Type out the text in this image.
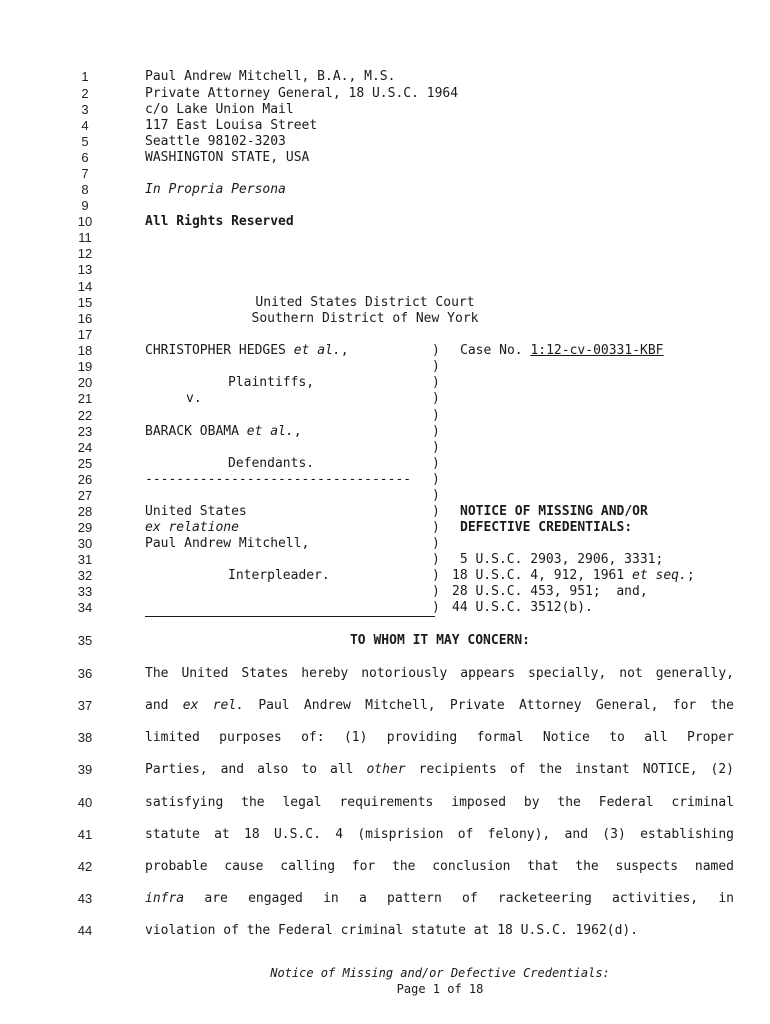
1
2
3
4
5
6
7
8
9
10
11
12
13
14
15
16
17
18
19
20
21
22
23
24
25
26
27
28
29
30
31
32
33
34
35
36
37
38
39
40
41
42
43
44
Paul Andrew Mitchell, B.A., M.S.
Private Attorney General, 18 U.S.C. 1964
c/o Lake Union Mail
117 East Louisa Street
Seattle 98102-3203
WASHINGTON STATE, USA
In Propria Persona
All Rights Reserved
United States District Court
Southern District of New York
CHRISTOPHER HEDGES et al.,
Plaintiffs,
v.
BARACK OBAMA et al.,
Defendants.
----------------------------------
United States
ex relatione
Paul Andrew Mitchell,
Interpleader.
)
)
)
)
)
)
)
)
)
)
)
)
)
)
)
)
)
Case No. 1:12-cv-00331-KBF
NOTICE OF MISSING AND/OR
DEFECTIVE CREDENTIALS:
5 U.S.C. 2903, 2906, 3331;
18 U.S.C. 4, 912, 1961 et seq.;
28 U.S.C. 453, 951;  and,
44 U.S.C. 3512(b).
TO WHOM IT MAY CONCERN:
The United States hereby notoriously appears specially, not generally,
and ex rel. Paul Andrew Mitchell, Private Attorney General, for the
limited purposes of: (1) providing formal Notice to all Proper
Parties, and also to all other recipients of the instant NOTICE, (2)
satisfying the legal requirements imposed by the Federal criminal
statute at 18 U.S.C. 4 (misprision of felony), and (3) establishing
probable cause calling for the conclusion that the suspects named
infra are engaged in a pattern of racketeering activities, in
violation of the Federal criminal statute at 18 U.S.C. 1962(d).
Notice of Missing and/or Defective Credentials:
Page 1 of 18
